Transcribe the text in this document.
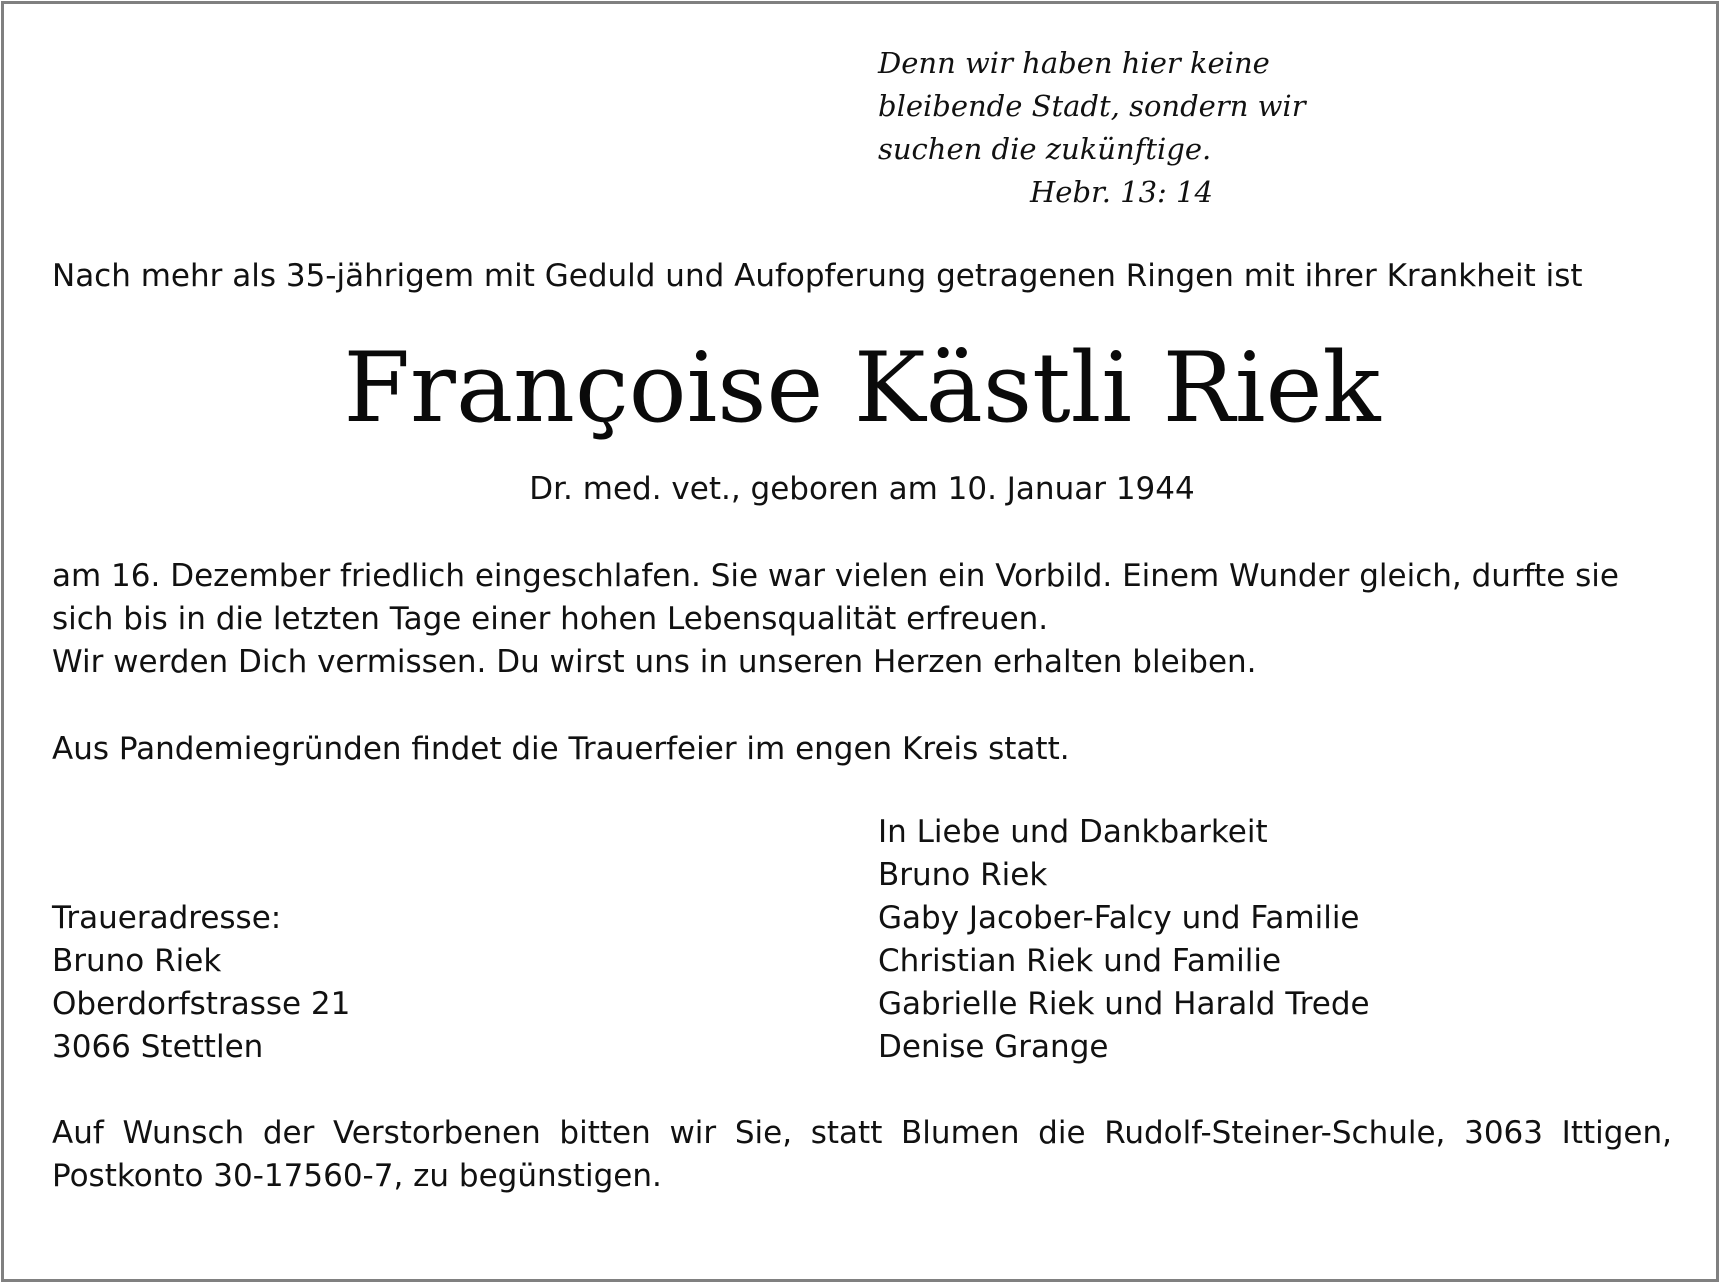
Denn wir haben hier keine
bleibende Stadt, sondern wir
suchen die zukünftige.
Hebr. 13: 14
Nach mehr als 35-jährigem mit Geduld und Aufopferung getragenen Ringen mit ihrer Krankheit ist
Françoise Kästli Riek
Dr. med. vet., geboren am 10. Januar 1944

am 16. Dezember friedlich eingeschlafen. Sie war vielen ein Vorbild. Einem Wunder gleich, durfte sie sich bis in die letzten Tage einer hohen Lebensqualität erfreuen.

Wir werden Dich vermissen. Du wirst uns in unseren Herzen erhalten bleiben.

Aus Pandemiegründen findet die Trauerfeier im engen Kreis statt.
In Liebe und Dankbarkeit
Bruno Riek
Gaby Jacober-Falcy und Familie
Christian Riek und Familie
Gabrielle Riek und Harald Trede
Denise Grange
Traueradresse:
Bruno Riek
Oberdorfstrasse 21
3066 Stettlen
Auf Wunsch der Verstorbenen bitten wir Sie, statt Blumen die Rudolf-Steiner-Schule, 3063 Ittigen, Postkonto 30-17560-7, zu begünstigen.
